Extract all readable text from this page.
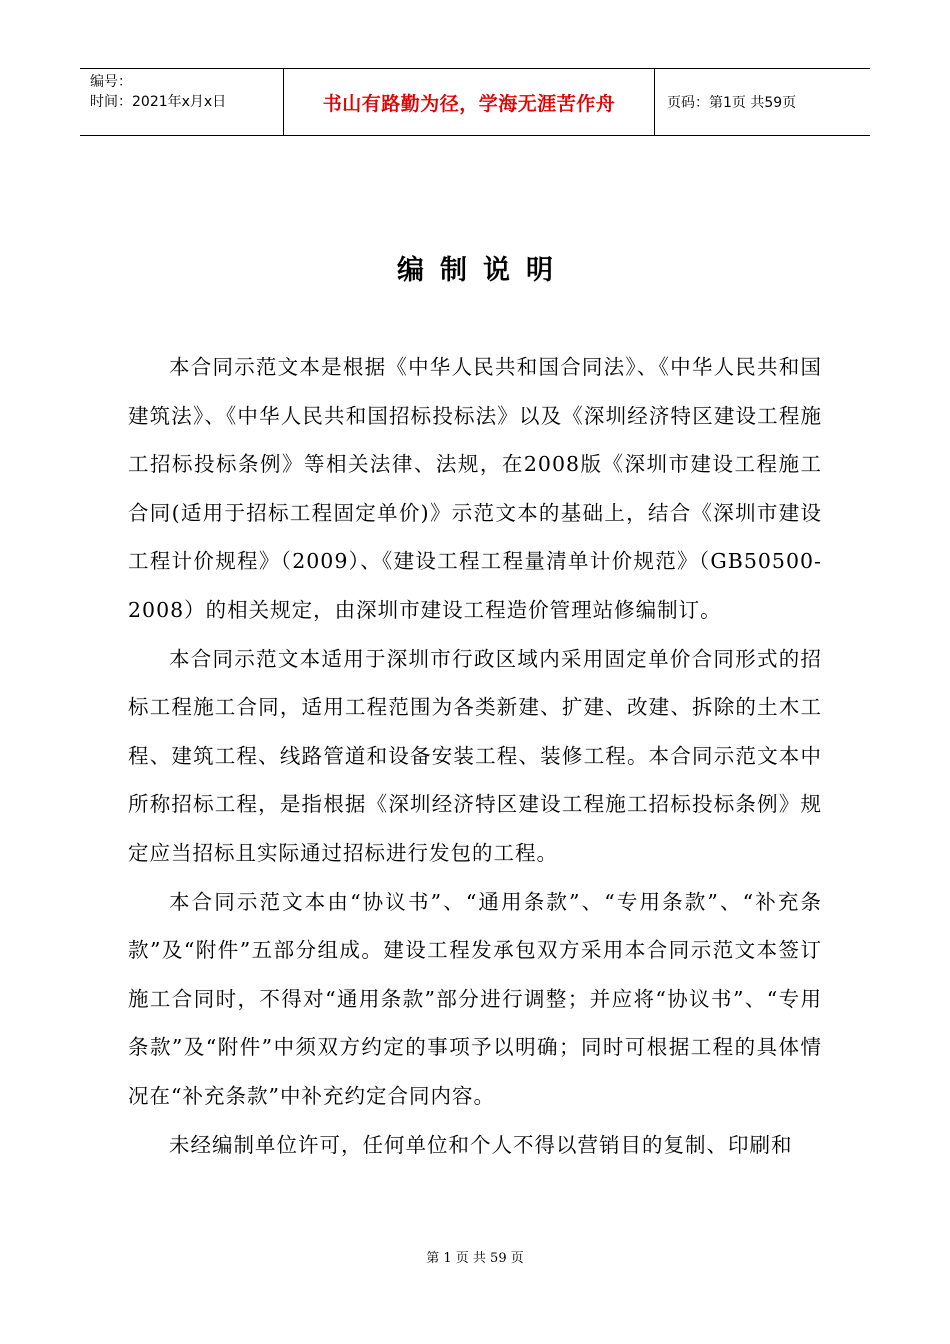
编号：
时间：2021年x月x日	书山有路勤为径，学海无涯苦作舟	页码：第1页 共59页
编制说明

本合同示范文本是根据《中华人民共和国合同法》、《中华人民共和国建筑法》、《中华人民共和国招标投标法》以及《深圳经济特区建设工程施工招标投标条例》等相关法律、法规，在2008版《深圳市建设工程施工合同(适用于招标工程固定单价)》示范文本的基础上，结合《深圳市建设工程计价规程》（2009）、《建设工程工程量清单计价规范》（GB50500-2008）的相关规定，由深圳市建设工程造价管理站修编制订。

本合同示范文本适用于深圳市行政区域内采用固定单价合同形式的招标工程施工合同，适用工程范围为各类新建、扩建、改建、拆除的土木工程、建筑工程、线路管道和设备安装工程、装修工程。本合同示范文本中所称招标工程，是指根据《深圳经济特区建设工程施工招标投标条例》规定应当招标且实际通过招标进行发包的工程。

本合同示范文本由“协议书”、“通用条款”、“专用条款”、“补充条款”及“附件”五部分组成。建设工程发承包双方采用本合同示范文本签订施工合同时，不得对“通用条款”部分进行调整；并应将“协议书”、“专用条款”及“附件”中须双方约定的事项予以明确；同时可根据工程的具体情况在“补充条款”中补充约定合同内容。

未经编制单位许可，任何单位和个人不得以营销目的复制、印刷和

第 1 页 共 59 页
